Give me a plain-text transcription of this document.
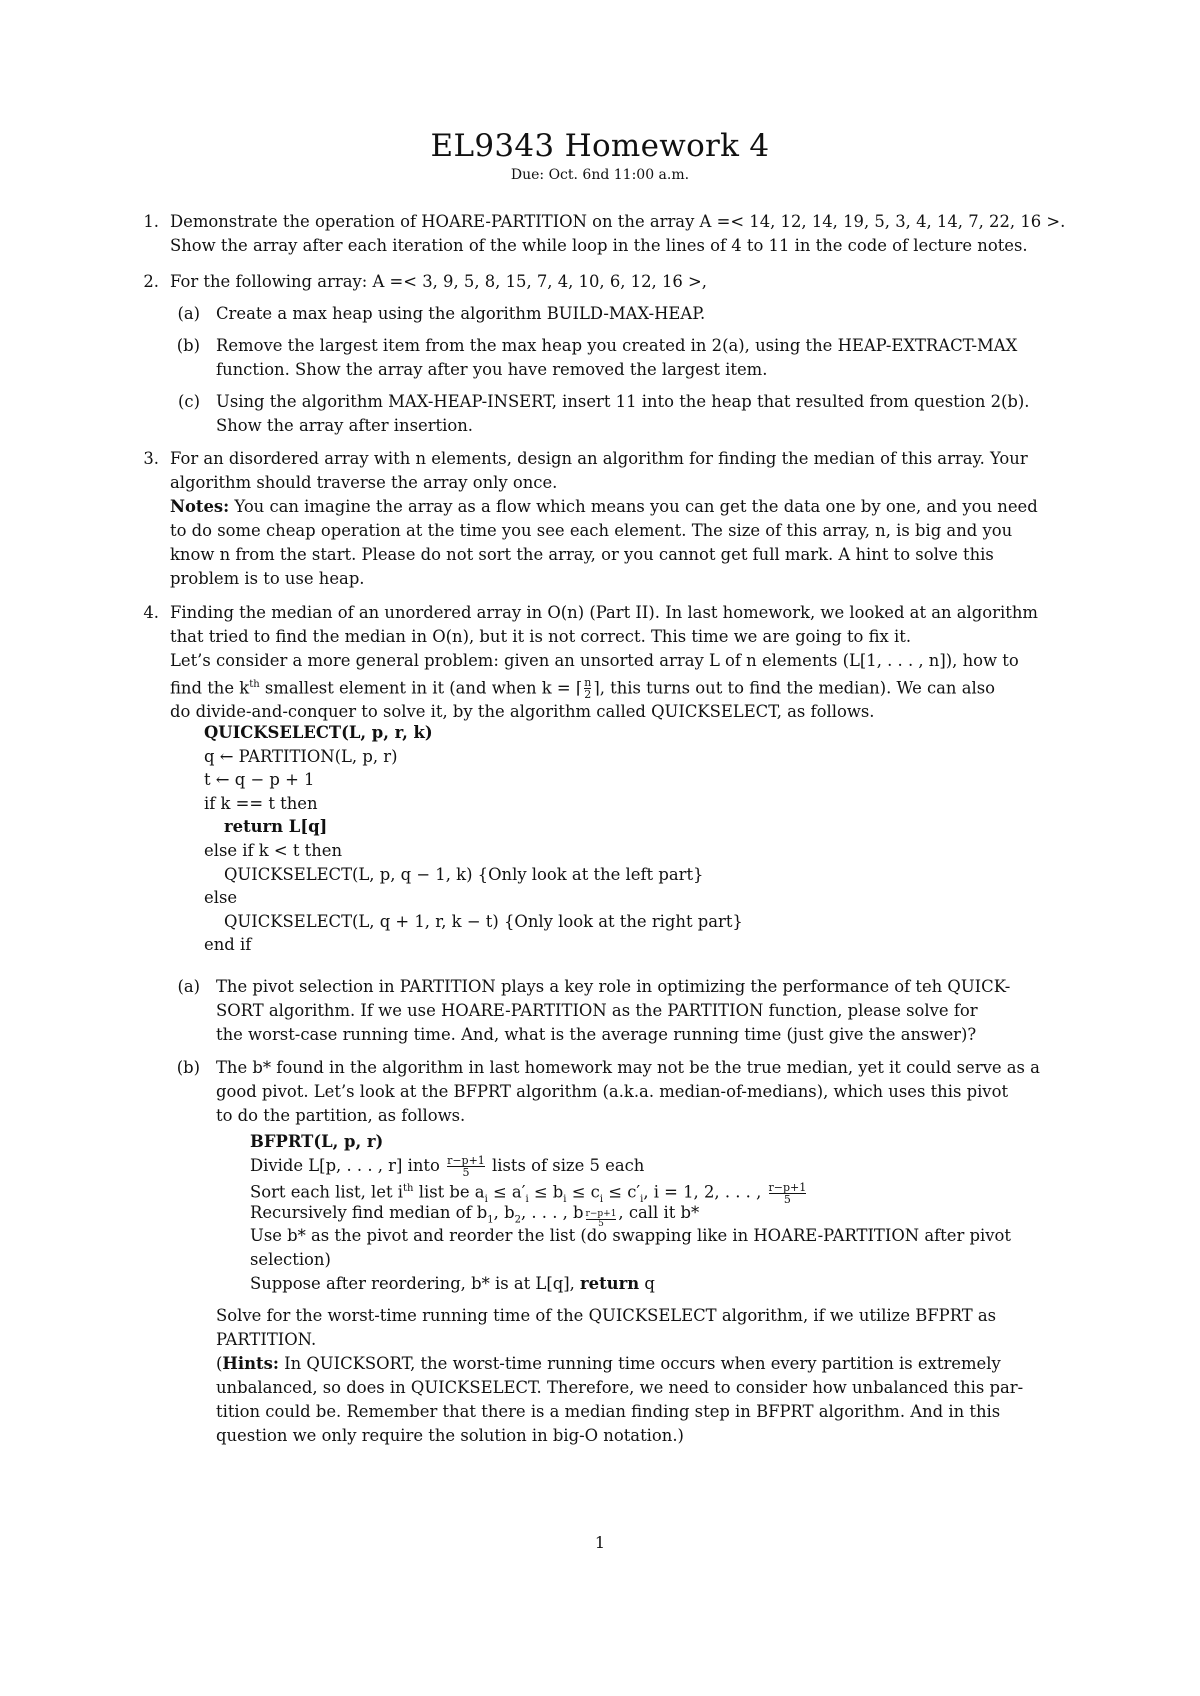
EL9343 Homework 4
Due: Oct. 6nd 11:00 a.m.
1. Demonstrate the operation of HOARE-PARTITION on the array A =< 14, 12, 14, 19, 5, 3, 4, 14, 7, 22, 16 >.
Show the array after each iteration of the while loop in the lines of 4 to 11 in the code of lecture notes.
2. For the following array: A =< 3, 9, 5, 8, 15, 7, 4, 10, 6, 12, 16 >,
(a) Create a max heap using the algorithm BUILD-MAX-HEAP.
(b) Remove the largest item from the max heap you created in 2(a), using the HEAP-EXTRACT-MAX
function. Show the array after you have removed the largest item.
(c) Using the algorithm MAX-HEAP-INSERT, insert 11 into the heap that resulted from question 2(b).
Show the array after insertion.
3. For an disordered array with n elements, design an algorithm for finding the median of this array. Your
algorithm should traverse the array only once.
Notes: You can imagine the array as a flow which means you can get the data one by one, and you need
to do some cheap operation at the time you see each element. The size of this array, n, is big and you
know n from the start. Please do not sort the array, or you cannot get full mark. A hint to solve this
problem is to use heap.
4. Finding the median of an unordered array in O(n) (Part II). In last homework, we looked at an algorithm
that tried to find the median in O(n), but it is not correct. This time we are going to fix it.
Let’s consider a more general problem: given an unsorted array L of n elements (L[1, . . . , n]), how to
find the $k^{th}$ smallest element in it (and when k = ⌈ $\frac{n}{2}$ ⌉, this turns out to find the median). We can also
do divide-and-conquer to solve it, by the algorithm called QUICKSELECT, as follows.
QUICKSELECT(L, p, r, k)
q ← PARTITION(L, p, r)
t ← q − p + 1
if k == t then
return L[q]
else if k < t then
QUICKSELECT(L, p, q − 1, k) {Only look at the left part}
else
QUICKSELECT(L, q + 1, r, k − t) {Only look at the right part}
end if
(a) The pivot selection in PARTITION plays a key role in optimizing the performance of teh QUICK-
SORT algorithm. If we use HOARE-PARTITION as the PARTITION function, please solve for
the worst-case running time. And, what is the average running time (just give the answer)?
(b) The b* found in the algorithm in last homework may not be the true median, yet it could serve as a
good pivot. Let’s look at the BFPRT algorithm (a.k.a. median-of-medians), which uses this pivot
to do the partition, as follows.
BFPRT(L, p, r)
Divide L[p, . . . , r] into $\frac{r-p+1}{5}$ lists of size 5 each
Sort each list, let $i^{th}$ list be $a_i \le a'_i \le b_i \le c_i \le c'_i$, i = 1, 2, . . . , $\frac{r-p+1}{5}$
Recursively find median of $b_1$, $b_2$, . . . , b $\frac{r-p+1}{5}$ , call it b*
Use b* as the pivot and reorder the list (do swapping like in HOARE-PARTITION after pivot
selection)
Suppose after reordering, b* is at L[q], return q
Solve for the worst-time running time of the QUICKSELECT algorithm, if we utilize BFPRT as
PARTITION.
(Hints: In QUICKSORT, the worst-time running time occurs when every partition is extremely
unbalanced, so does in QUICKSELECT. Therefore, we need to consider how unbalanced this par-
tition could be. Remember that there is a median finding step in BFPRT algorithm. And in this
question we only require the solution in big-O notation.)
1
